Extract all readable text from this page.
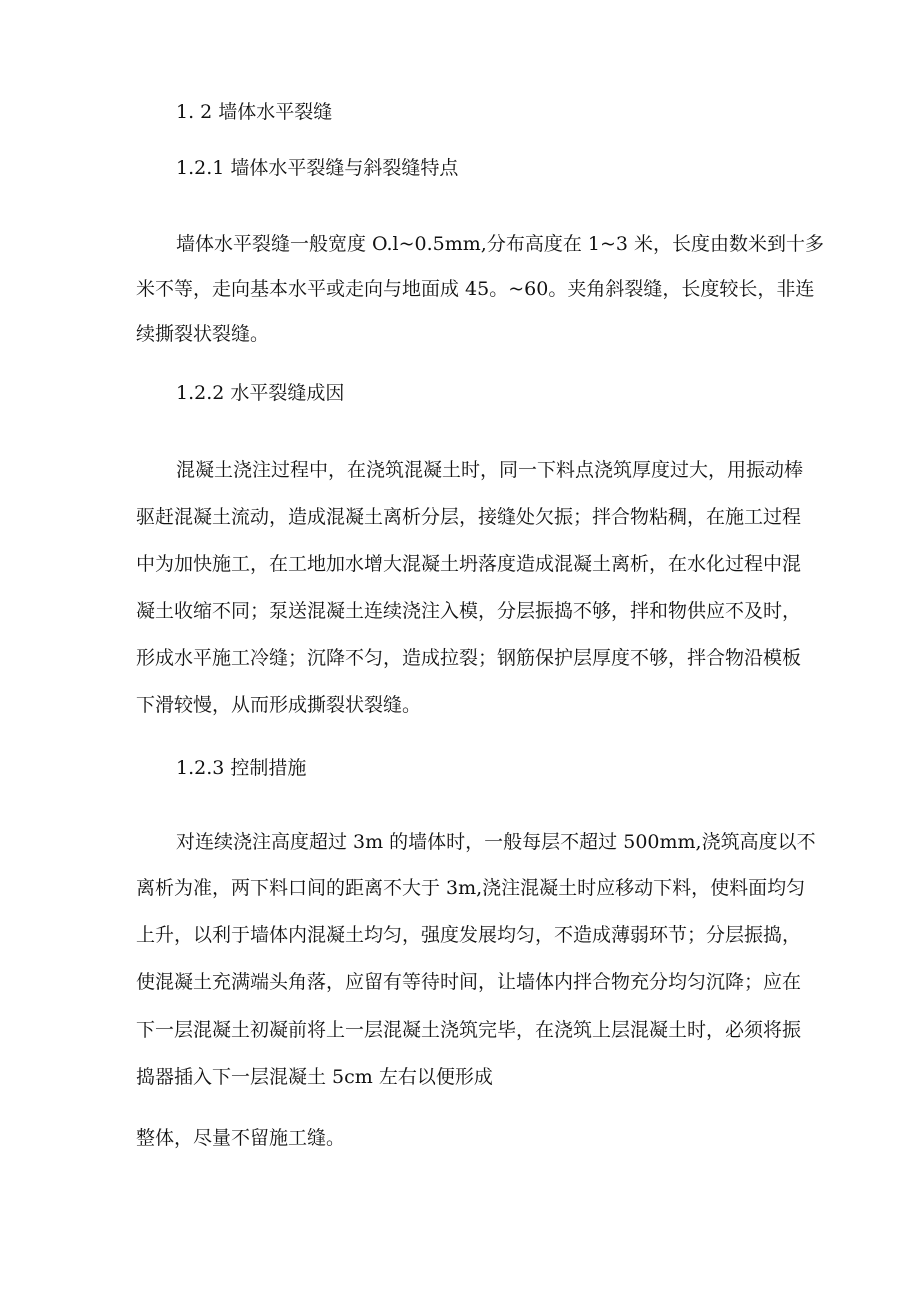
1. 2 墙体水平裂缝
1.2.1 墙体水平裂缝与斜裂缝特点
墙体水平裂缝一般宽度 O.l~0.5mm,分布高度在 1~3 米，长度由数米到十多
米不等，走向基本水平或走向与地面成 45。~60。夹角斜裂缝，长度较长，非连
续撕裂状裂缝。
1.2.2 水平裂缝成因
混凝土浇注过程中，在浇筑混凝土时，同一下料点浇筑厚度过大，用振动棒
驱赶混凝土流动，造成混凝土离析分层，接缝处欠振；拌合物粘稠，在施工过程
中为加快施工，在工地加水增大混凝土坍落度造成混凝土离析，在水化过程中混
凝土收缩不同；泵送混凝土连续浇注入模，分层振捣不够，拌和物供应不及时，
形成水平施工冷缝；沉降不匀，造成拉裂；钢筋保护层厚度不够，拌合物沿模板
下滑较慢，从而形成撕裂状裂缝。
1.2.3 控制措施
对连续浇注高度超过 3m 的墙体时，一般每层不超过 500mm,浇筑高度以不
离析为准，两下料口间的距离不大于 3m,浇注混凝土时应移动下料，使料面均匀
上升，以利于墙体内混凝土均匀，强度发展均匀，不造成薄弱环节；分层振捣，
使混凝土充满端头角落，应留有等待时间，让墙体内拌合物充分均匀沉降；应在
下一层混凝土初凝前将上一层混凝土浇筑完毕，在浇筑上层混凝土时，必须将振
捣器插入下一层混凝土 5cm 左右以便形成
整体，尽量不留施工缝。
